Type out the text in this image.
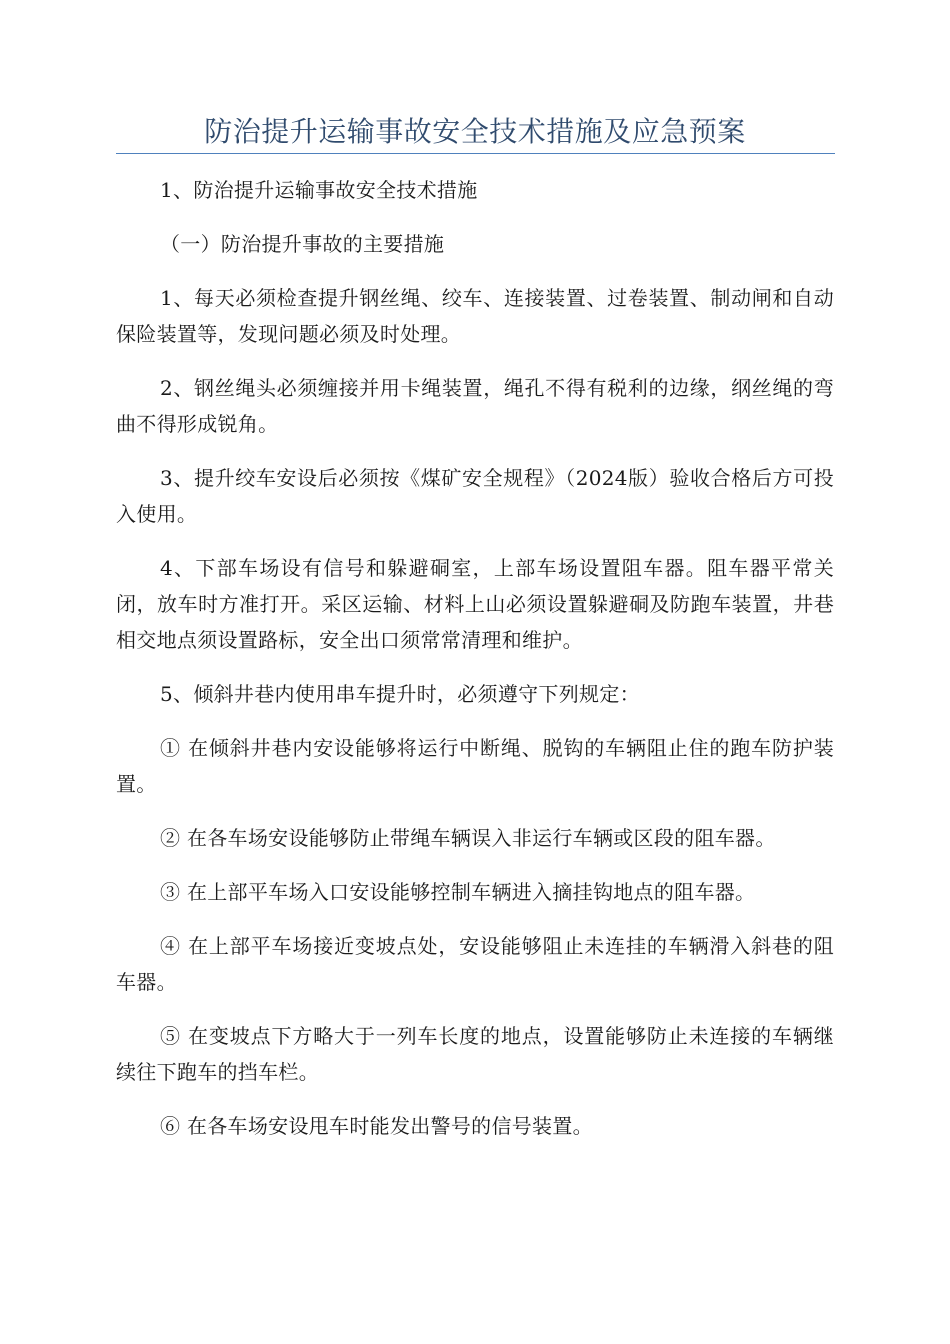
防治提升运输事故安全技术措施及应急预案

1、防治提升运输事故安全技术措施

（一）防治提升事故的主要措施

1、每天必须检查提升钢丝绳、绞车、连接装置、过卷装置、制动闸和自动保险装置等，发现问题必须及时处理。

2、钢丝绳头必须缠接并用卡绳装置，绳孔不得有税利的边缘，纲丝绳的弯曲不得形成锐角。

3、提升绞车安设后必须按《煤矿安全规程》（2024版）验收合格后方可投入使用。

4、下部车场设有信号和躲避硐室，上部车场设置阻车器。阻车器平常关闭，放车时方准打开。采区运输、材料上山必须设置躲避硐及防跑车装置，井巷相交地点须设置路标，安全出口须常常清理和维护。

5、倾斜井巷内使用串车提升时，必须遵守下列规定：

① 在倾斜井巷内安设能够将运行中断绳、脱钩的车辆阻止住的跑车防护装置。

② 在各车场安设能够防止带绳车辆误入非运行车辆或区段的阻车器。

③ 在上部平车场入口安设能够控制车辆进入摘挂钩地点的阻车器。

④ 在上部平车场接近变坡点处，安设能够阻止未连挂的车辆滑入斜巷的阻车器。

⑤ 在变坡点下方略大于一列车长度的地点，设置能够防止未连接的车辆继续往下跑车的挡车栏。

⑥ 在各车场安设甩车时能发出警号的信号装置。
